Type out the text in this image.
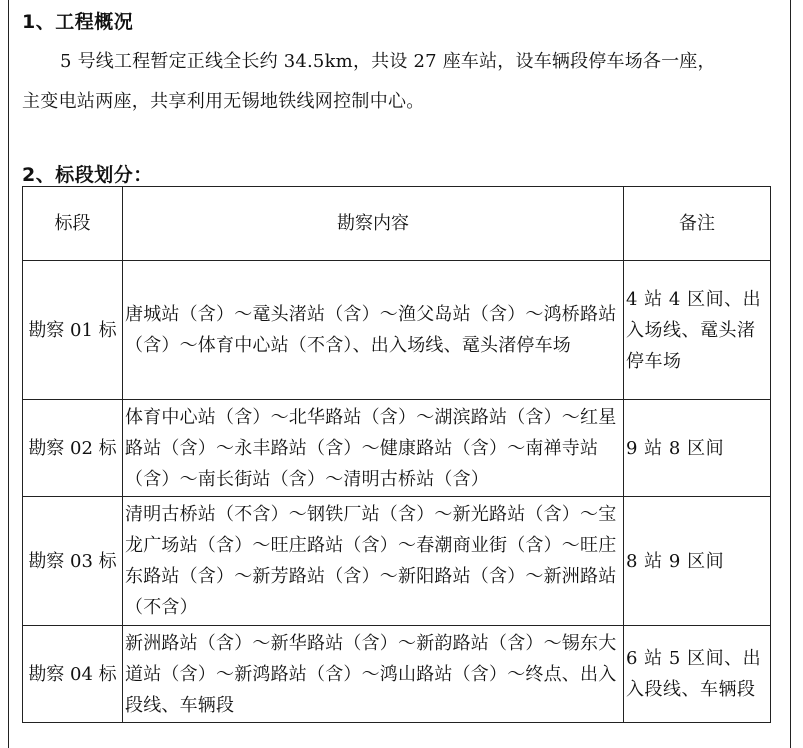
1、工程概况
5 号线工程暂定正线全长约 34.5km，共设 27 座车站，设车辆段停车场各一座，
主变电站两座，共享利用无锡地铁线网控制中心。
2、标段划分：
标段	勘察内容	备注
勘察 01 标	唐城站（含）～鼋头渚站（含）～渔父岛站（含）～鸿桥路站（含）～体育中心站（不含）、出入场线、鼋头渚停车场	4 站 4 区间、出入场线、鼋头渚停车场
勘察 02 标	体育中心站（含）～北华路站（含）～湖滨路站（含）～红星路站（含）～永丰路站（含）～健康路站（含）～南禅寺站（含）～南长街站（含）～清明古桥站（含）	9 站 8 区间
勘察 03 标	清明古桥站（不含）～钢铁厂站（含）～新光路站（含）～宝龙广场站（含）～旺庄路站（含）～春潮商业街（含）～旺庄东路站（含）～新芳路站（含）～新阳路站（含）～新洲路站（不含）	8 站 9 区间
勘察 04 标	新洲路站（含）～新华路站（含）～新韵路站（含）～锡东大道站（含）～新鸿路站（含）～鸿山路站（含）～终点、出入段线、车辆段	6 站 5 区间、出入段线、车辆段
